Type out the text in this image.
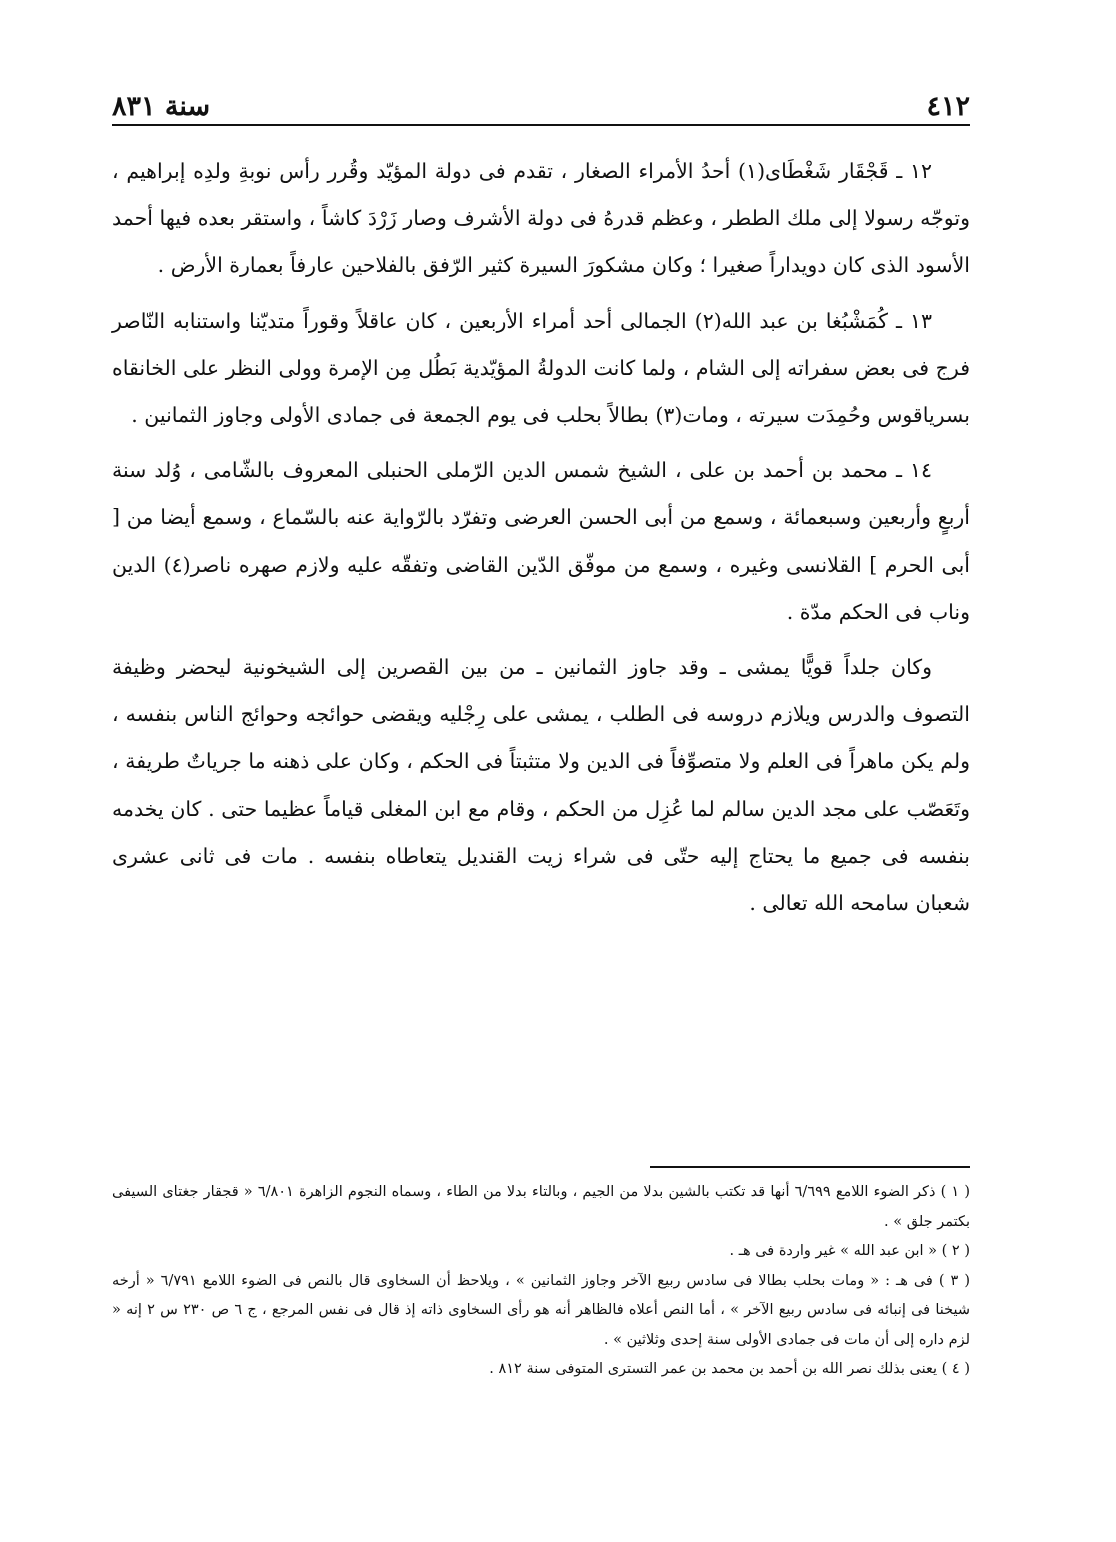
٤١٢
سنة ٨٣١

١٢ ـ قَجْقَار شَغْطَاى(١) أحدُ الأمراء الصغار ، تقدم فى دولة المؤيّد وقُرر رأس نوبةِ ولدِه إبراهيم ، وتوجّه رسولا إلى ملك الططر ، وعظم قدرهُ فى دولة الأشرف وصار زَرْدَ كاشاً ، واستقر بعده فيها أحمد الأسود الذى كان دويداراً صغيرا ؛ وكان مشكورَ السيرة كثير الرّفق بالفلاحين عارفاً بعمارة الأرض .

١٣ ـ كُمَشْبُغا بن عبد الله(٢) الجمالى أحد أمراء الأربعين ، كان عاقلاً وقوراً متديّنا واستنابه النّاصر فرج فى بعض سفراته إلى الشام ، ولما كانت الدولةُ المؤيّدية بَطُل مِن الإمرة وولى النظر على الخانقاه بسرياقوس وحُمِدَت سيرته ، ومات(٣) بطالاً بحلب فى يوم الجمعة فى جمادى الأولى وجاوز الثمانين .

١٤ ـ محمد بن أحمد بن على ، الشيخ شمس الدين الرّملى الحنبلى المعروف بالشّامى ، وُلد سنة أربعٍ وأربعين وسبعمائة ، وسمع من أبى الحسن العرضى وتفرّد بالرّواية عنه بالسّماع ، وسمع أيضا من [ أبى الحرم ] القلانسى وغيره ، وسمع من موفّق الدّين القاضى وتفقّه عليه ولازم صهره ناصر(٤) الدين وناب فى الحكم مدّة .

وكان جلداً قويًّا يمشى ـ وقد جاوز الثمانين ـ من بين القصرين إلى الشيخونية ليحضر وظيفة التصوف والدرس ويلازم دروسه فى الطلب ، يمشى على رِجْليه ويقضى حوائجه وحوائج الناس بنفسه ، ولم يكن ماهراً فى العلم ولا متصوِّفاً فى الدين ولا متثبتاً فى الحكم ، وكان على ذهنه ما جرياتٌ طريفة ، وتَعَصّب على مجد الدين سالم لما عُزِل من الحكم ، وقام مع ابن المغلى قياماً عظيما حتى . كان يخدمه بنفسه فى جميع ما يحتاج إليه حتّى فى شراء زيت القنديل يتعاطاه بنفسه . مات فى ثانى عشرى شعبان سامحه الله تعالى .

( ١ ) ذكر الضوء اللامع ٦/٦٩٩ أنها قد تكتب بالشين بدلا من الجيم ، وبالتاء بدلا من الطاء ، وسماه النجوم الزاهرة ٦/٨٠١ « قجقار جغتاى السيفى بكتمر جلق » .

( ٢ ) « ابن عبد الله » غير واردة فى هـ .

( ٣ ) فى هـ : « ومات بحلب بطالا فى سادس ربيع الآخر وجاوز الثمانين » ، ويلاحظ أن السخاوى قال بالنص فى الضوء اللامع ٦/٧٩١ « أرخه شيخنا فى إنبائه فى سادس ربيع الآخر » ، أما النص أعلاه فالظاهر أنه هو رأى السخاوى ذاته إذ قال فى نفس المرجع ، ج ٦ ص ٢٣٠ س ٢ إنه « لزم داره إلى أن مات فى جمادى الأولى سنة إحدى وثلاثين » .

( ٤ ) يعنى بذلك نصر الله بن أحمد بن محمد بن عمر التسترى المتوفى سنة ٨١٢ .
